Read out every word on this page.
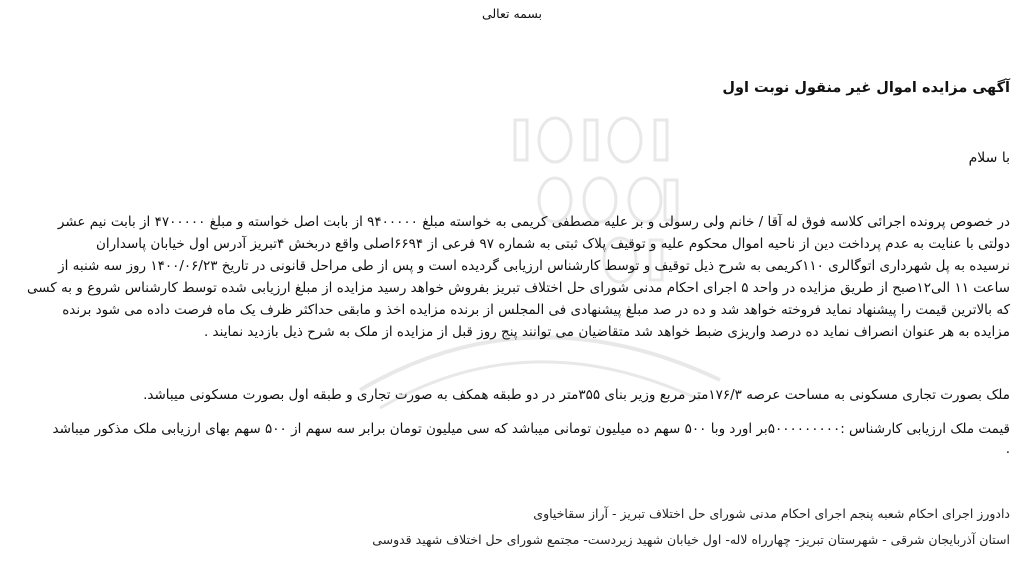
بسمه تعالی
آگهی مزایده اموال غیر منقول نوبت اول
با سلام
در خصوص پرونده اجرائی کلاسه فوق له آقا / خانم ولی رسولی و بر علیه مصطفی کریمی به خواسته مبلغ ۹۴۰۰۰۰۰ از بابت اصل خواسته و مبلغ ۴۷۰۰۰۰۰ از بابت نیم عشر
دولتی با عنایت به عدم پرداخت دین از ناحیه اموال محکوم علیه و توقیف پلاک ثبتی به شماره ۹۷ فرعی از ۶۶۹۴اصلی واقع دربخش ۴تبریز آدرس اول خیابان پاسداران
نرسیده به پل شهرداری اتوگالری ۱۱۰کریمی به شرح ذیل توقیف و توسط کارشناس ارزیابی گردیده است و پس از طی مراحل قانونی در تاریخ ۱۴۰۰/۰۶/۲۳ روز سه شنبه از
ساعت ۱۱ الی۱۲صبح از طریق مزایده در واحد ۵ اجرای احکام مدنی شورای حل اختلاف تبریز بفروش خواهد رسید مزایده از مبلغ ارزیابی شده توسط کارشناس شروع و به کسی
که بالاترین قیمت را پیشنهاد نماید فروخته خواهد شد و ده در صد مبلغ پیشنهادی فی المجلس از برنده مزایده اخذ و مابقی حداکثر ظرف یک ماه فرصت داده می شود برنده
مزایده به هر عنوان انصراف نماید ده درصد واریزی ضبط خواهد شد متقاضیان می توانند پنج روز قبل از مزایده از ملک به شرح ذیل بازدید نمایند .
ملک بصورت تجاری مسکونی به مساحت عرصه ۱۷۶/۳متر مربع وزیر بنای ۳۵۵متر در دو طبقه همکف به صورت تجاری و طبقه اول بصورت مسکونی میباشد.
قیمت ملک ارزیابی کارشناس :۵۰۰۰۰۰۰۰۰۰بر اورد وبا ۵۰۰ سهم ده میلیون تومانی میباشد که سی میلیون تومان برابر سه سهم از ۵۰۰ سهم بهای ارزیابی ملک مذکور میباشد
.
دادورز اجرای احکام شعبه پنجم اجرای احکام مدنی شورای حل اختلاف تبریز - آراز سقاخیاوی
استان آذربایجان شرقی - شهرستان تبریز- چهارراه لاله- اول خیابان شهید زیردست- مجتمع شورای حل اختلاف شهید قدوسی
